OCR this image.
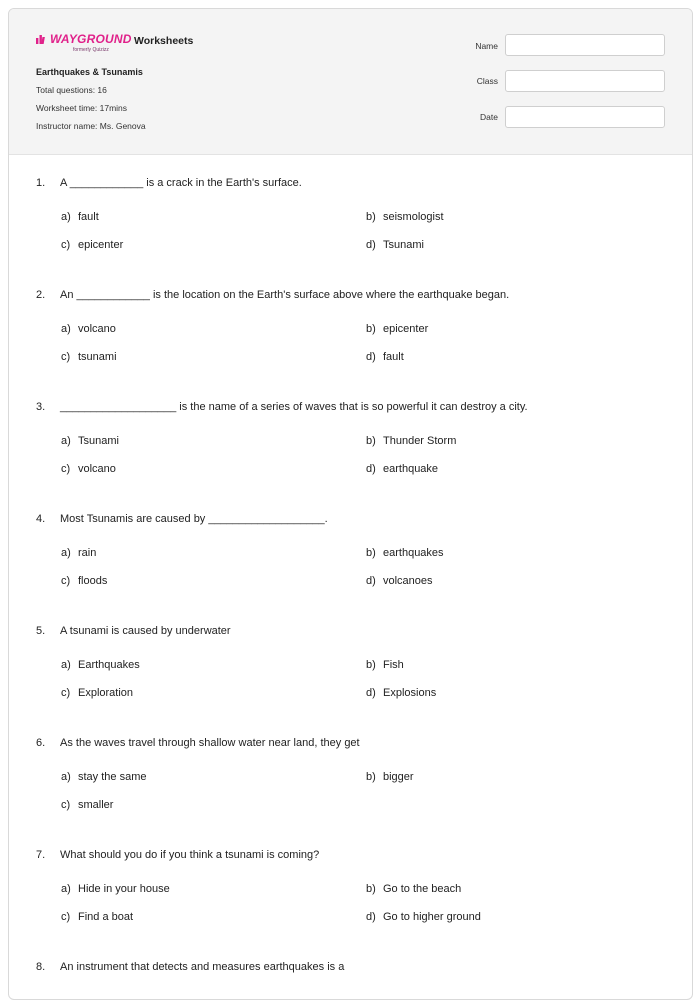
WAYGROUND
formerly Quizizz
Worksheets
Earthquakes & Tsunamis
Total questions: 16
Worksheet time: 17mins
Instructor name: Ms. Genova
Name
Class
Date
1. A ____________ is a crack in the Earth's surface.
a) fault	b) seismologist
c) epicenter	d) Tsunami
2. An ____________ is the location on the Earth's surface above where the earthquake began.
a) volcano	b) epicenter
c) tsunami	d) fault
3. ___________________ is the name of a series of waves that is so powerful it can destroy a city.
a) Tsunami	b) Thunder Storm
c) volcano	d) earthquake
4. Most Tsunamis are caused by ___________________.
a) rain	b) earthquakes
c) floods	d) volcanoes
5. A tsunami is caused by underwater
a) Earthquakes	b) Fish
c) Exploration	d) Explosions
6. As the waves travel through shallow water near land, they get
a) stay the same	b) bigger
c) smaller
7. What should you do if you think a tsunami is coming?
a) Hide in your house	b) Go to the beach
c) Find a boat	d) Go to higher ground
8. An instrument that detects and measures earthquakes is a
